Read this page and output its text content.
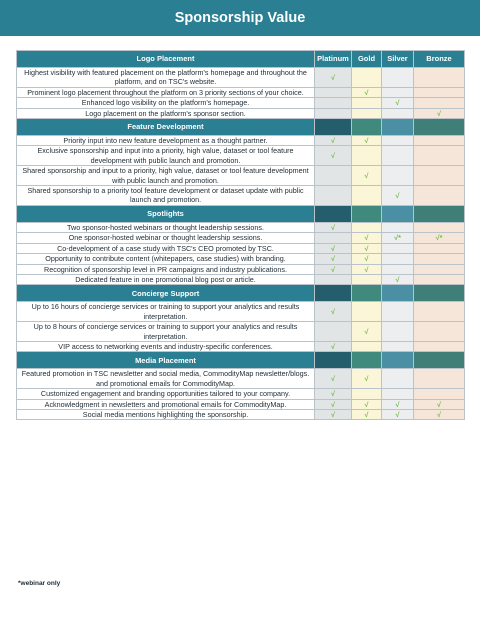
Sponsorship Value
Logo Placement	Platinum	Gold	Silver	Bronze
Highest visibility with featured placement on the platform's homepage and throughout the platform, and on TSC's website.	√			
Prominent logo placement throughout the platform on 3 priority sections of your choice.		√		
Enhanced logo visibility on the platform's homepage.			√	
Logo placement on the platform's sponsor section.				√
Feature Development				
Priority input into new feature development as a thought partner.	√	√		
Exclusive sponsorship and input into a priority, high value, dataset or tool feature development with public launch and promotion.	√			
Shared sponsorship and input to a priority, high value, dataset or tool feature development with public launch and promotion.		√		
Shared sponsorship to a priority tool feature development or dataset update with public launch and promotion.			√	
Spotlights				
Two sponsor-hosted webinars or thought leadership sessions.	√			
One sponsor-hosted webinar or thought leadership sessions.		√	√*	√*
Co-development of a case study with TSC's CEO promoted by TSC.	√	√		
Opportunity to contribute content (whitepapers, case studies) with branding.	√	√		
Recognition of sponsorship level in PR campaigns and industry publications.	√	√		
Dedicated feature in one promotional blog post or article.			√	
Concierge Support				
Up to 16 hours of concierge services or training to support your analytics and results interpretation.	√			
Up to 8 hours of concierge services or training to support your analytics and results interpretation.		√		
VIP access to networking events and industry-specific conferences.	√			
Media Placement				
Featured promotion in TSC newsletter and social media, CommodityMap newsletter/blogs. and promotional emails for CommodityMap.	√	√		
Customized engagement and branding opportunities tailored to your company.	√			
Acknowledgment in newsletters and promotional emails for CommodityMap.	√	√	√	√
Social media mentions highlighting the sponsorship.	√	√	√	√
*webinar only
